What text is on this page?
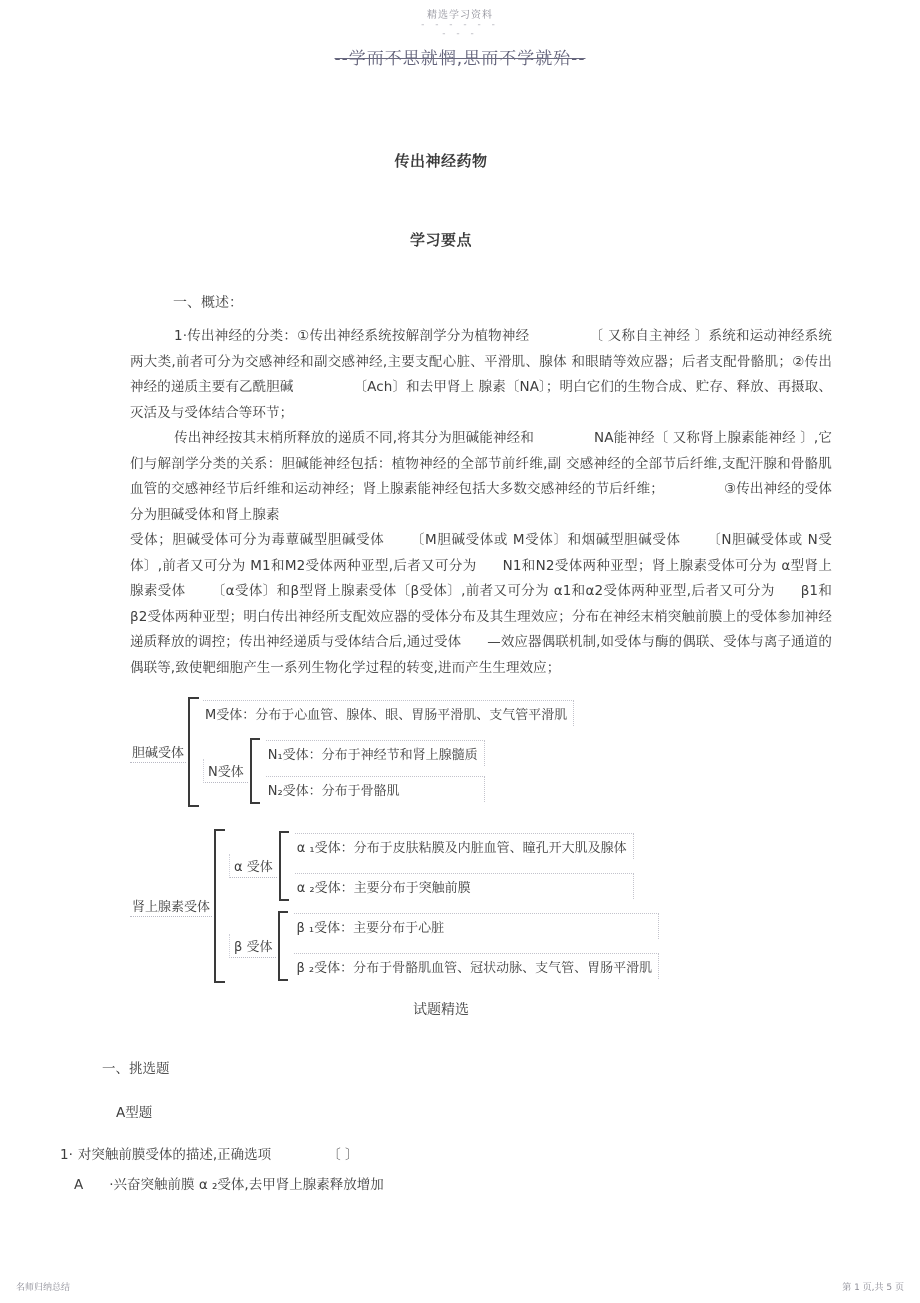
精选学习资料
- - - - - -
- - -
--学而不思就惘,思而不学就殆--
传出神经药物
学习要点
一、概述：

1·传出神经的分类：①传出神经系统按解剖学分为植物神经	〔 又称自主神经 〕系统和运动神经系统两大类,前者可分为交感神经和副交感神经,主要支配心脏、平滑肌、腺体 和眼睛等效应器；后者支配骨骼肌；②传出神经的递质主要有乙酰胆碱	〔Ach〕和去甲肾上 腺素〔NA〕；明白它们的生物合成、贮存、释放、再摄取、灭活及与受体结合等环节；

传出神经按其末梢所释放的递质不同,将其分为胆碱能神经和	NA能神经〔 又称肾上腺素能神经 〕,它们与解剖学分类的关系：胆碱能神经包括：植物神经的全部节前纤维,副 交感神经的全部节后纤维,支配汗腺和骨骼肌血管的交感神经节后纤维和运动神经；肾上腺素能神经包括大多数交感神经的节后纤维；	③传出神经的受体分为胆碱受体和肾上腺素

受体；胆碱受体可分为毒蕈碱型胆碱受体 〔M胆碱受体或 M受体〕和烟碱型胆碱受体 〔N胆碱受体或 N受体〕,前者又可分为 M1和M2受体两种亚型,后者又可分为 N1和N2受体两种亚型；肾上腺素受体可分为 α型肾上腺素受体 〔α受体〕和β型肾上腺素受体〔β受体〕,前者又可分为 α1和α2受体两种亚型,后者又可分为 β1和β2受体两种亚型；明白传出神经所支配效应器的受体分布及其生理效应；分布在神经末梢突触前膜上的受体参加神经递质释放的调控；传出神经递质与受体结合后,通过受体 —效应器偶联机制,如受体与酶的偶联、受体与离子通道的偶联等,致使靶细胞产生一系列生物化学过程的转变,进而产生生理效应；

胆碱受体
M受体：分布于心血管、腺体、眼、胃肠平滑肌、支气管平滑肌
N受体
N₁受体：分布于神经节和肾上腺髓质
N₂受体：分布于骨骼肌
肾上腺素受体
α 受体
α ₁受体：分布于皮肤粘膜及内脏血管、瞳孔开大肌及腺体
α ₂受体：主要分布于突触前膜
β 受体
β ₁受体：主要分布于心脏
β ₂受体：分布于骨骼肌血管、冠状动脉、支气管、胃肠平滑肌
试题精选
一、挑选题
A型题
1· 对突触前膜受体的描述,正确选项	〔 〕
A ·兴奋突触前膜 α ₂受体,去甲肾上腺素释放增加
名师归纳总结	第 1 页,共 5 页
